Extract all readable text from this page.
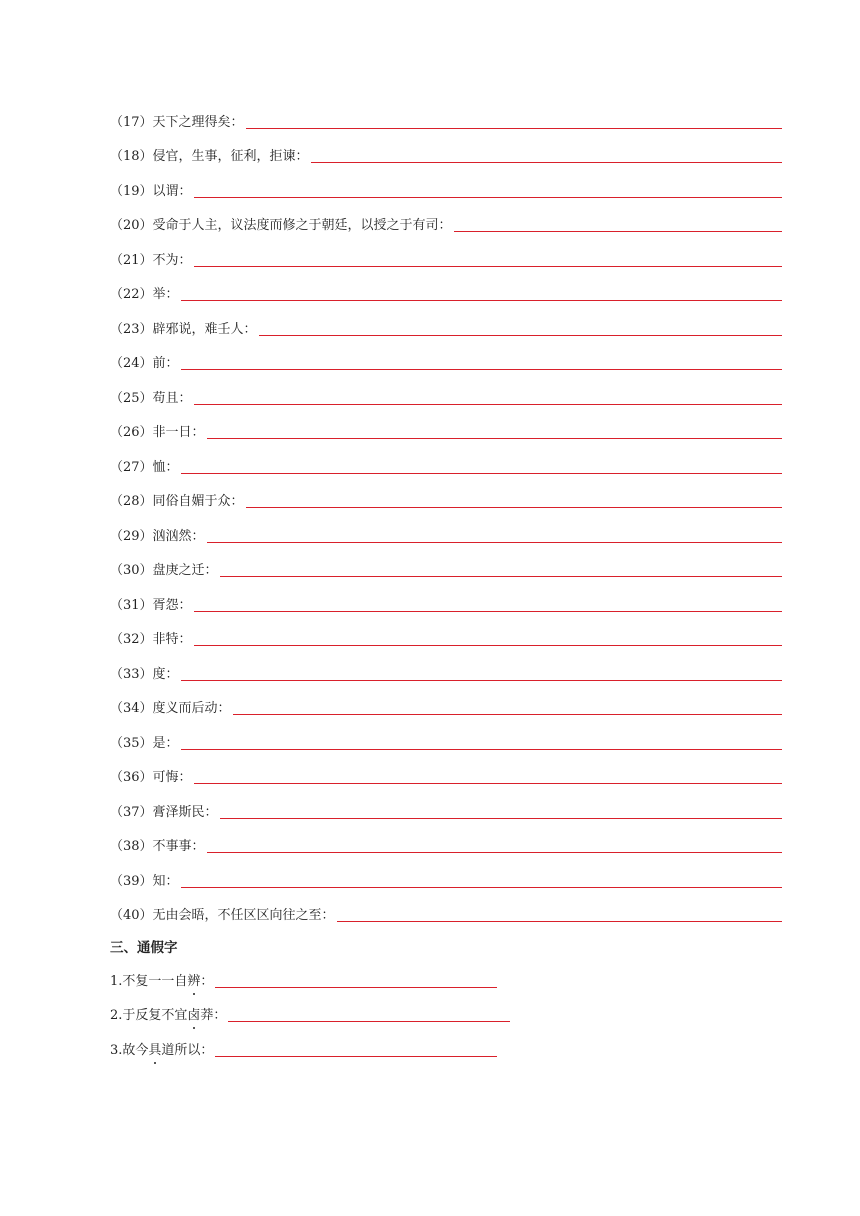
（17） 天下之理得矣：
（18） 侵官，生事，征利，拒谏：
（19） 以谓：
（20） 受命于人主，议法度而修之于朝廷，以授之于有司：
（21） 不为：
（22） 举：
（23） 辟邪说，难壬人：
（24） 前：
（25） 苟且：
（26） 非一日：
（27） 恤：
（28） 同俗自媚于众：
（29） 汹汹然：
（30） 盘庚之迁：
（31） 胥怨：
（32） 非特：
（33） 度：
（34） 度义而后动：
（35） 是：
（36） 可悔：
（37） 膏泽斯民：
（38） 不事事：
（39） 知：
（40） 无由会晤，不任区区向往之至：
三、通假字
1.不复一一自辨：
2.于反复不宜卤莽：
3.故今具道所以：
